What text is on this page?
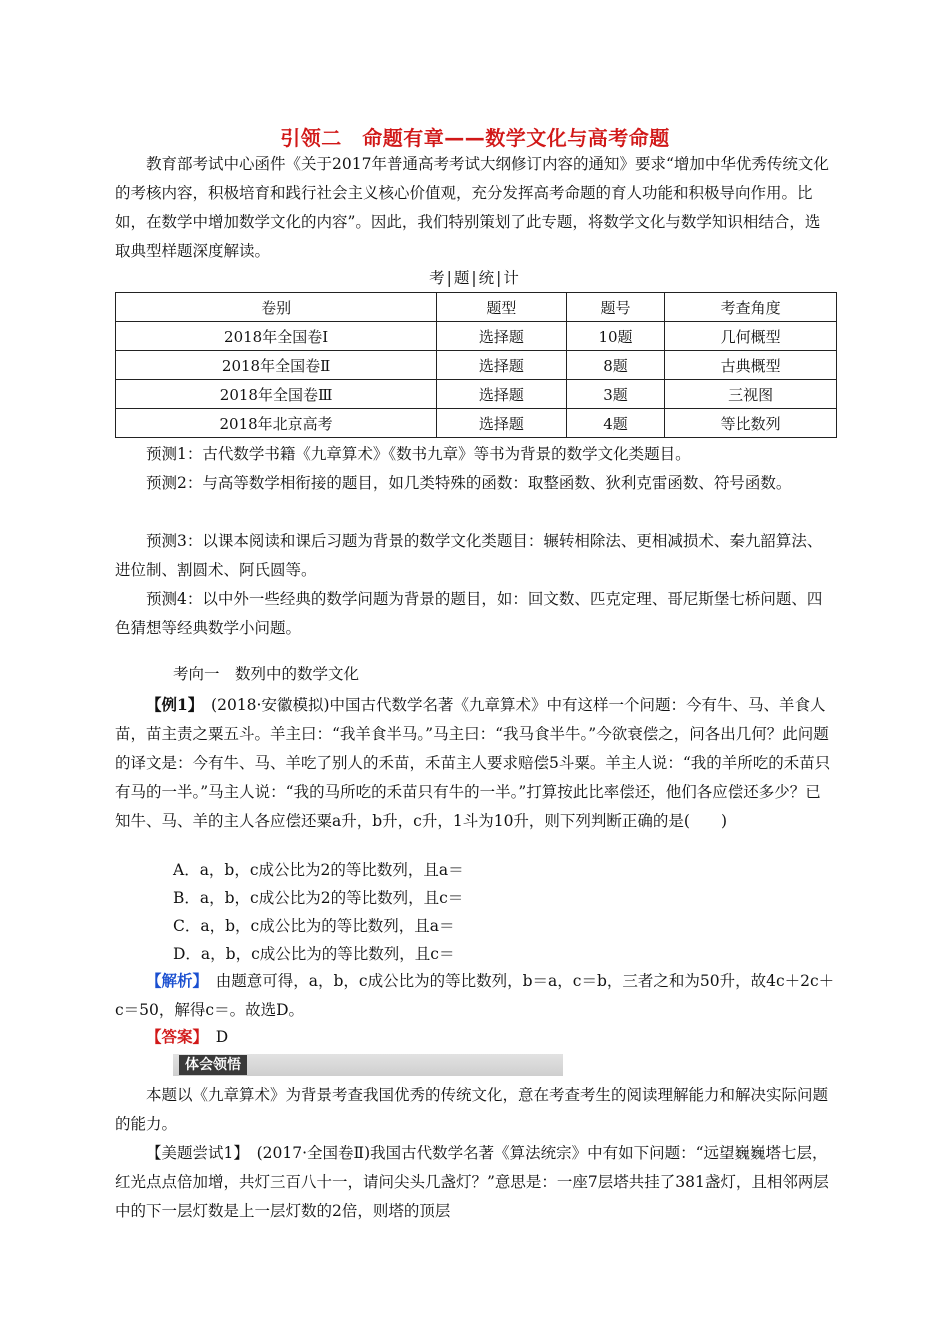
引领二　命题有章——数学文化与高考命题
教育部考试中心函件《关于2017年普通高考考试大纲修订内容的通知》要求“增加中华优秀传统文化的考核内容，积极培育和践行社会主义核心价值观，充分发挥高考命题的育人功能和积极导向作用。比如，在数学中增加数学文化的内容”。因此，我们特别策划了此专题，将数学文化与数学知识相结合，选取典型样题深度解读。
考|题|统|计
卷别	题型	题号	考查角度
2018年全国卷Ⅰ	选择题	10题	几何概型
2018年全国卷Ⅱ	选择题	8题	古典概型
2018年全国卷Ⅲ	选择题	3题	三视图
2018年北京高考	选择题	4题	等比数列
预测1：古代数学书籍《九章算术》《数书九章》等书为背景的数学文化类题目。
预测2：与高等数学相衔接的题目，如几类特殊的函数：取整函数、狄利克雷函数、符号函数。
预测3：以课本阅读和课后习题为背景的数学文化类题目：辗转相除法、更相减损术、秦九韶算法、进位制、割圆术、阿氏圆等。
预测4：以中外一些经典的数学问题为背景的题目，如：回文数、匹克定理、哥尼斯堡七桥问题、四色猜想等经典数学小问题。
考向一　数列中的数学文化
【例1】　(2018·安徽模拟)中国古代数学名著《九章算术》中有这样一个问题：今有牛、马、羊食人苗，苗主责之粟五斗。羊主曰：“我羊食半马。”马主曰：“我马食半牛。”今欲衰偿之，问各出几何？此问题的译文是：今有牛、马、羊吃了别人的禾苗，禾苗主人要求赔偿5斗粟。羊主人说：“我的羊所吃的禾苗只有马的一半。”马主人说：“我的马所吃的禾苗只有牛的一半。”打算按此比率偿还，他们各应偿还多少？已知牛、马、羊的主人各应偿还粟a升，b升，c升，1斗为10升，则下列判断正确的是(　　)
A．a，b，c成公比为2的等比数列，且a＝
B．a，b，c成公比为2的等比数列，且c＝
C．a，b，c成公比为的等比数列，且a＝
D．a，b，c成公比为的等比数列，且c＝
【解析】　由题意可得，a，b，c成公比为的等比数列，b＝a，c＝b，三者之和为50升，故4c＋2c＋c＝50，解得c＝。故选D。
【答案】　D
体会领悟
本题以《九章算术》为背景考查我国优秀的传统文化，意在考查考生的阅读理解能力和解决实际问题的能力。
【美题尝试1】　(2017·全国卷Ⅱ)我国古代数学名著《算法统宗》中有如下问题：“远望巍巍塔七层，红光点点倍加增，共灯三百八十一，请问尖头几盏灯？”意思是：一座7层塔共挂了381盏灯，且相邻两层中的下一层灯数是上一层灯数的2倍，则塔的顶层
